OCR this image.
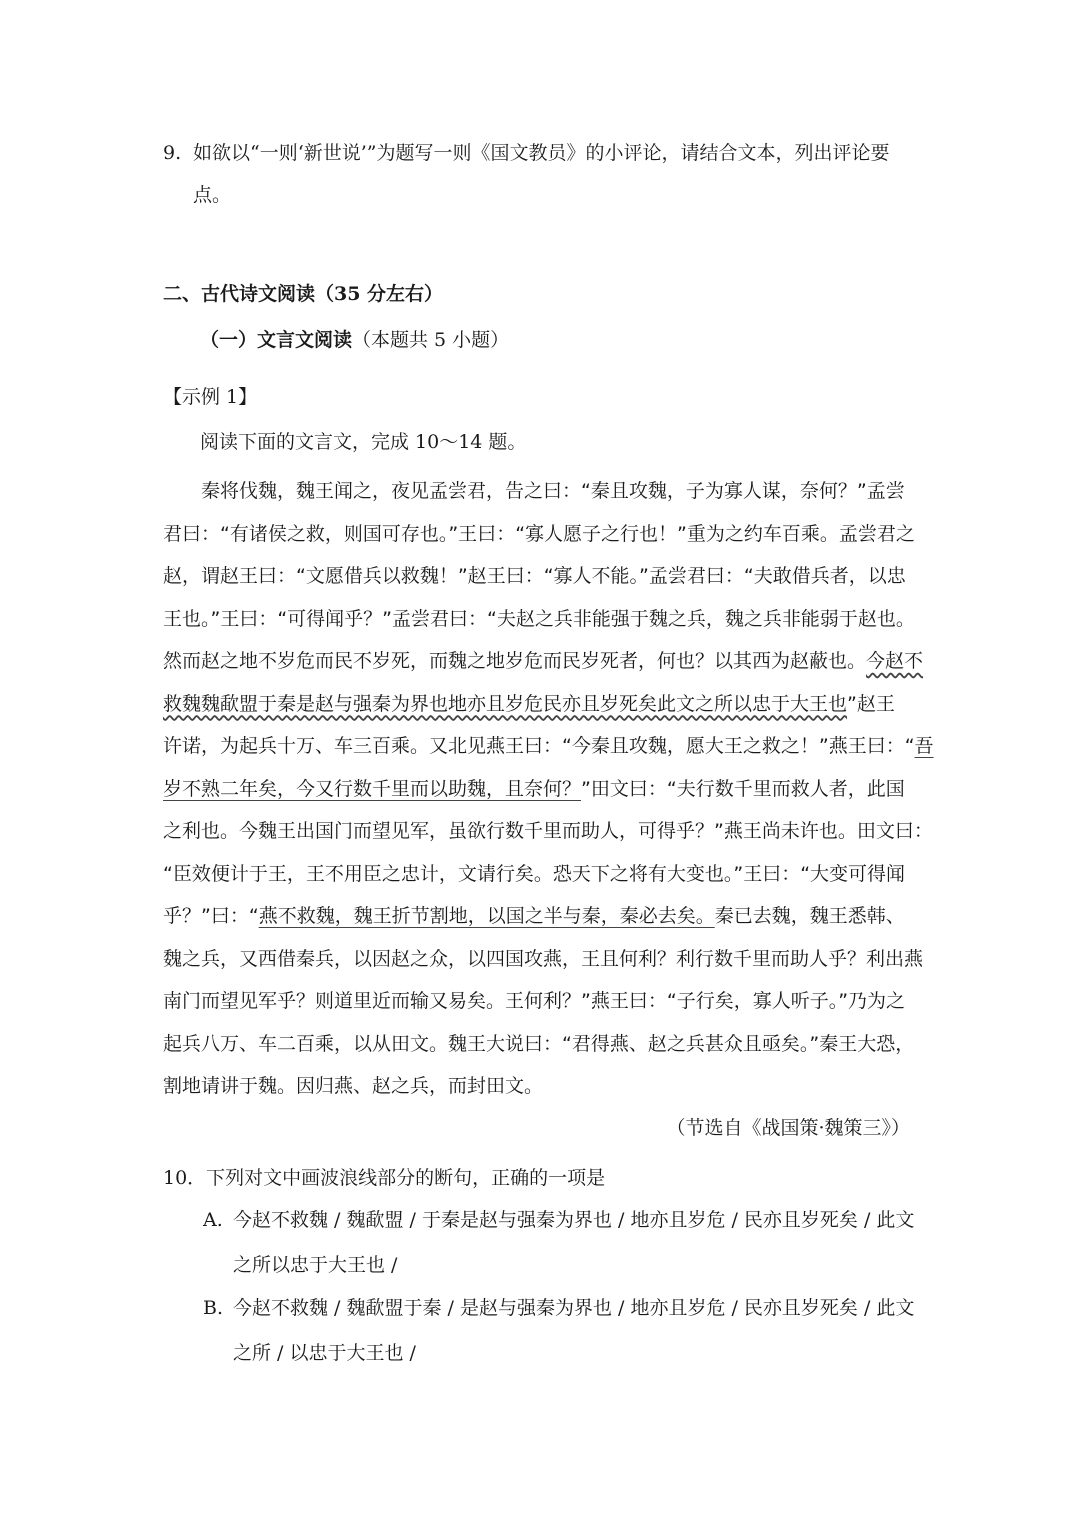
9. 如欲以“一则‘新世说’”为题写一则《国文教员》的小评论，请结合文本，列出评论要
点。
二、古代诗文阅读（35 分左右）
（一）文言文阅读（本题共 5 小题）
【示例 1】
阅读下面的文言文，完成 10～14 题。
秦将伐魏，魏王闻之，夜见孟尝君，告之曰：“秦且攻魏，子为寡人谋，奈何？”孟尝
君曰：“有诸侯之救，则国可存也。”王曰：“寡人愿子之行也！”重为之约车百乘。孟尝君之
赵，谓赵王曰：“文愿借兵以救魏！”赵王曰：“寡人不能。”孟尝君曰：“夫敢借兵者，以忠
王也。”王曰：“可得闻乎？”孟尝君曰：“夫赵之兵非能强于魏之兵，魏之兵非能弱于赵也。
然而赵之地不岁危而民不岁死，而魏之地岁危而民岁死者，何也？以其西为赵蔽也。今赵不
救魏魏歃盟于秦是赵与强秦为界也地亦且岁危民亦且岁死矣此文之所以忠于大王也”赵王
许诺，为起兵十万、车三百乘。又北见燕王曰：“今秦且攻魏，愿大王之救之！”燕王曰：“吾
岁不熟二年矣，今又行数千里而以助魏，且奈何？”田文曰：“夫行数千里而救人者，此国
之利也。今魏王出国门而望见军，虽欲行数千里而助人，可得乎？”燕王尚未许也。田文曰：
“臣效便计于王，王不用臣之忠计，文请行矣。恐天下之将有大变也。”王曰：“大变可得闻
乎？”曰：“燕不救魏，魏王折节割地，以国之半与秦，秦必去矣。秦已去魏，魏王悉韩、
魏之兵，又西借秦兵，以因赵之众，以四国攻燕，王且何利？利行数千里而助人乎？利出燕
南门而望见军乎？则道里近而输又易矣。王何利？”燕王曰：“子行矣，寡人听子。”乃为之
起兵八万、车二百乘，以从田文。魏王大说曰：“君得燕、赵之兵甚众且亟矣。”秦王大恐，
割地请讲于魏。因归燕、赵之兵，而封田文。
（节选自《战国策·魏策三》）
10．下列对文中画波浪线部分的断句，正确的一项是
A. 今赵不救魏 / 魏歃盟 / 于秦是赵与强秦为界也 / 地亦且岁危 / 民亦且岁死矣 / 此文
之所以忠于大王也 /
B. 今赵不救魏 / 魏歃盟于秦 / 是赵与强秦为界也 / 地亦且岁危 / 民亦且岁死矣 / 此文
之所 / 以忠于大王也 /
